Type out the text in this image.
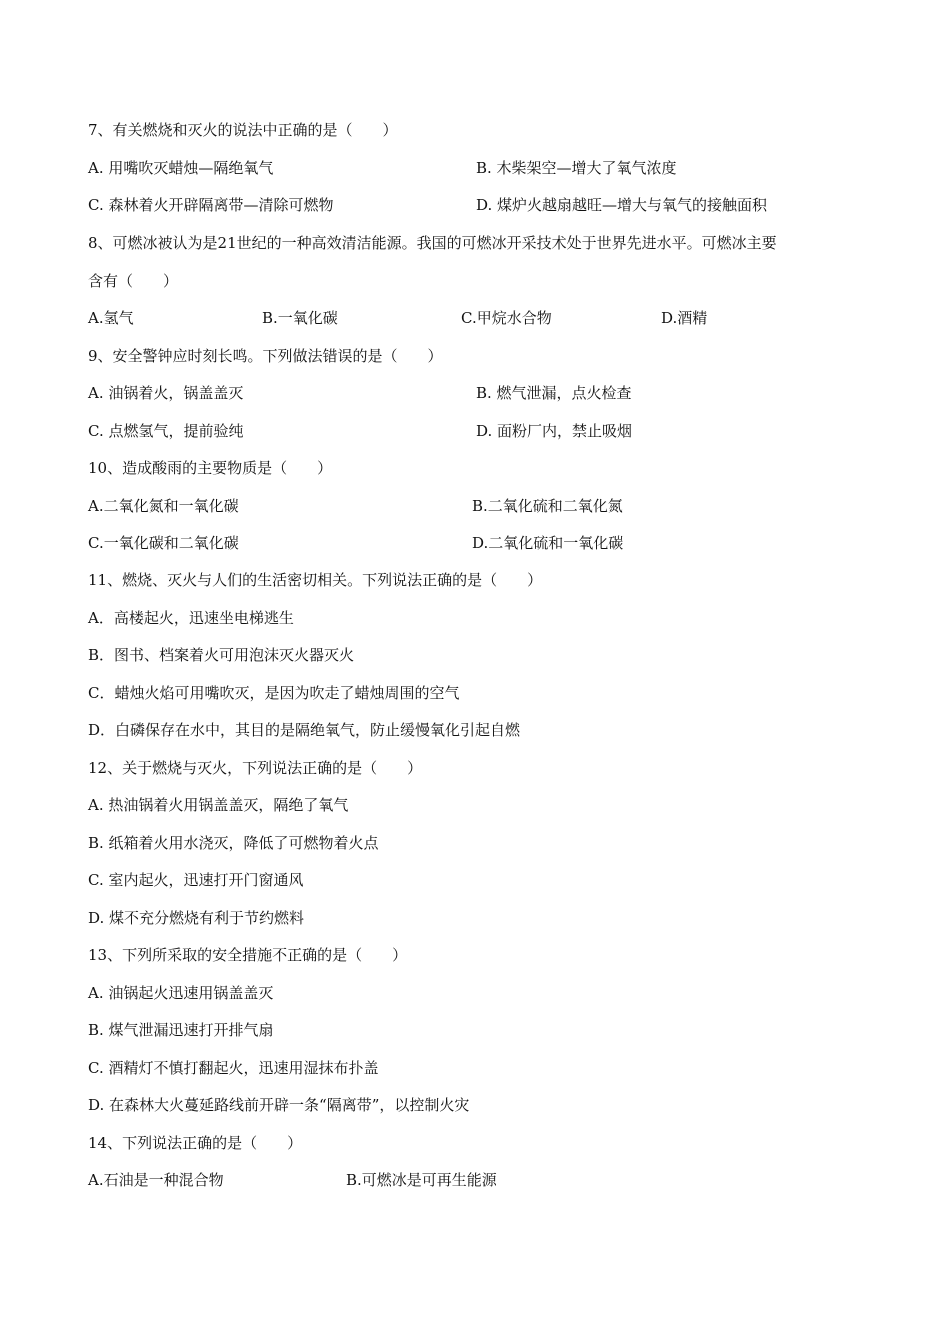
7、有关燃烧和灭火的说法中正确的是（　　）
A. 用嘴吹灭蜡烛—隔绝氧气	B. 木柴架空—增大了氧气浓度
C. 森林着火开辟隔离带—清除可燃物	D. 煤炉火越扇越旺—增大与氧气的接触面积
8、可燃冰被认为是21世纪的一种高效清洁能源。我国的可燃冰开采技术处于世界先进水平。可燃冰主要
含有（　　）
A.氢气	B.一氧化碳	C.甲烷水合物	D.酒精
9、安全警钟应时刻长鸣。下列做法错误的是（　　）
A. 油锅着火，锅盖盖灭	B. 燃气泄漏，点火检查
C. 点燃氢气，提前验纯	D. 面粉厂内，禁止吸烟
10、造成酸雨的主要物质是（　　）
A.二氧化氮和一氧化碳	B.二氧化硫和二氧化氮
C.一氧化碳和二氧化碳	D.二氧化硫和一氧化碳
11、燃烧、灭火与人们的生活密切相关。下列说法正确的是（　　）
A．高楼起火，迅速坐电梯逃生
B．图书、档案着火可用泡沫灭火器灭火
C．蜡烛火焰可用嘴吹灭，是因为吹走了蜡烛周围的空气
D．白磷保存在水中，其目的是隔绝氧气，防止缓慢氧化引起自燃
12、关于燃烧与灭火，下列说法正确的是（　　）
A. 热油锅着火用锅盖盖灭，隔绝了氧气
B. 纸箱着火用水浇灭，降低了可燃物着火点
C. 室内起火，迅速打开门窗通风
D. 煤不充分燃烧有利于节约燃料
13、下列所采取的安全措施不正确的是（　　）
A. 油锅起火迅速用锅盖盖灭
B. 煤气泄漏迅速打开排气扇
C. 酒精灯不慎打翻起火，迅速用湿抹布扑盖
D. 在森林大火蔓延路线前开辟一条“隔离带”，以控制火灾
14、下列说法正确的是（　　）
A.石油是一种混合物	B.可燃冰是可再生能源
